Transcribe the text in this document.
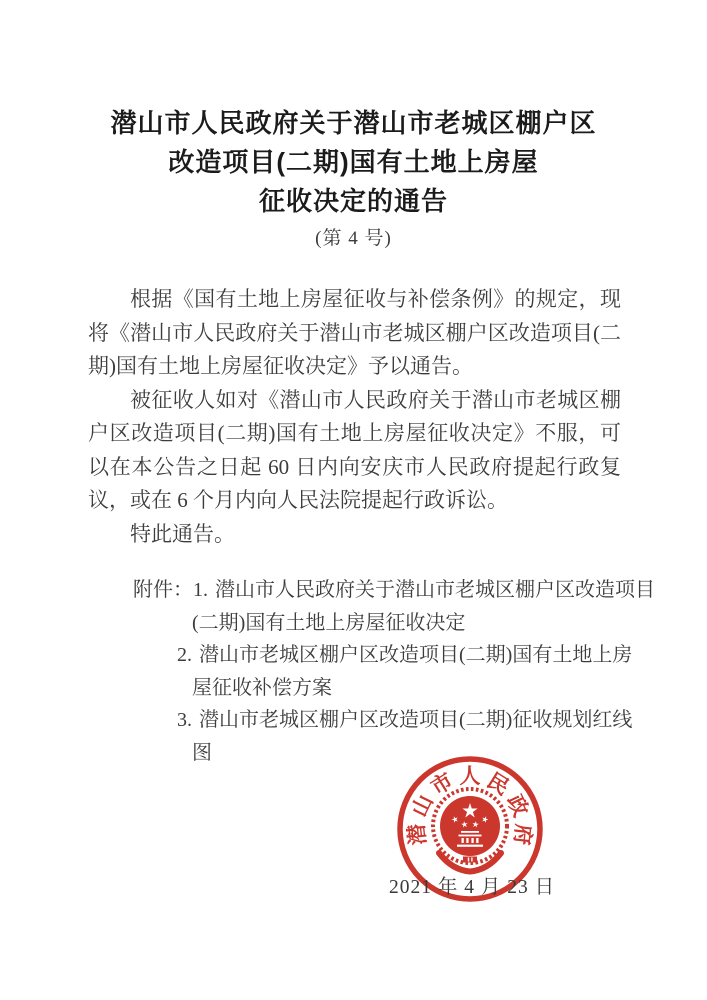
潜山市人民政府关于潜山市老城区棚户区
改造项目(二期)国有土地上房屋
征收决定的通告
(第 4 号)

根据《国有土地上房屋征收与补偿条例》的规定，现将《潜山市人民政府关于潜山市老城区棚户区改造项目(二期)国有土地上房屋征收决定》予以通告。

被征收人如对《潜山市人民政府关于潜山市老城区棚户区改造项目(二期)国有土地上房屋征收决定》不服，可以在本公告之日起 60 日内向安庆市人民政府提起行政复议，或在 6 个月内向人民法院提起行政诉讼。

特此通告。

附件：1. 潜山市人民政府关于潜山市老城区棚户区改造项目
(二期)国有土地上房屋征收决定
2. 潜山市老城区棚户区改造项目(二期)国有土地上房
屋征收补偿方案
3. 潜山市老城区棚户区改造项目(二期)征收规划红线
图
潜
山
市 人 民
政
府
2021 年 4 月 23 日
